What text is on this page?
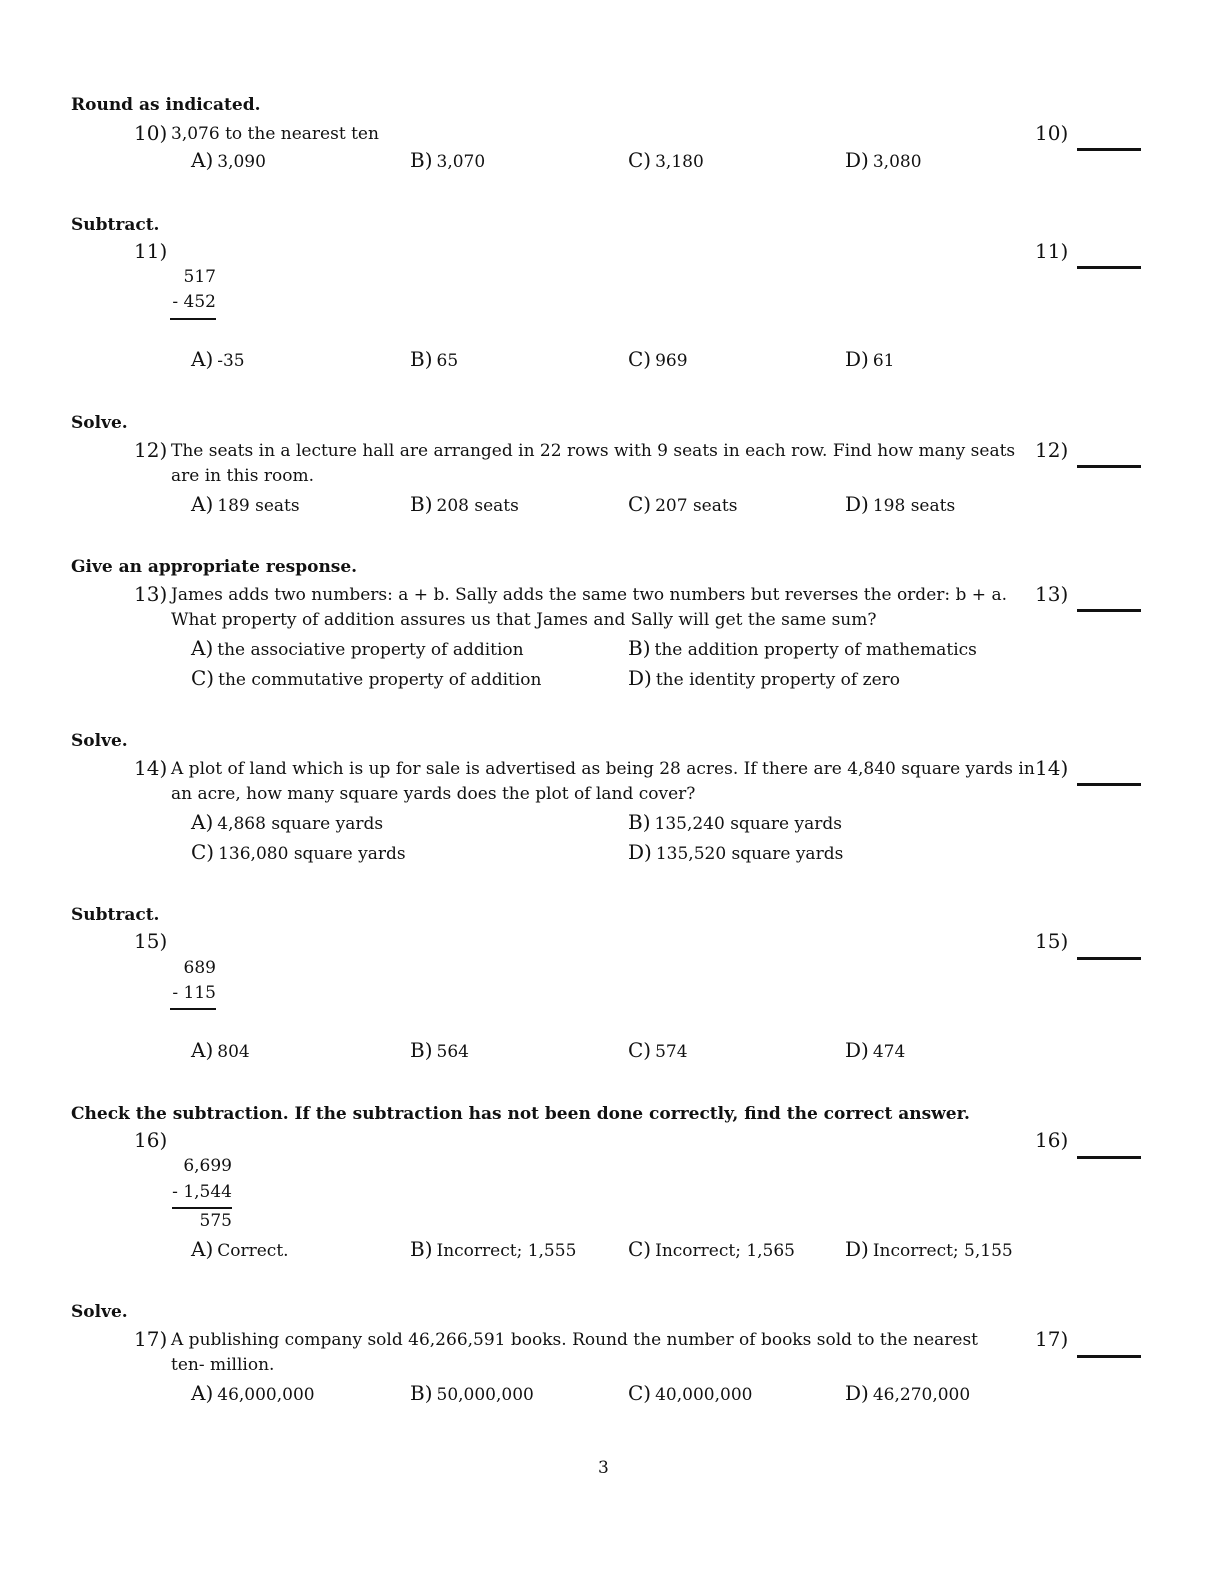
Round as indicated.
10) 3,076 to the nearest ten
A) 3,090	B) 3,070	C) 3,180	D) 3,080
10)
Subtract.
11)
517
- 452
A) -35	B) 65	C) 969	D) 61
11)
Solve.
12) The seats in a lecture hall are arranged in 22 rows with 9 seats in each row. Find how many seats
are in this room.
A) 189 seats	B) 208 seats	C) 207 seats	D) 198 seats
12)
Give an appropriate response.
13) James adds two numbers: a + b. Sally adds the same two numbers but reverses the order: b + a.
What property of addition assures us that James and Sally will get the same sum?
A) the associative property of addition	B) the addition property of mathematics
C) the commutative property of addition	D) the identity property of zero
13)
Solve.
14) A plot of land which is up for sale is advertised as being 28 acres. If there are 4,840 square yards in
an acre, how many square yards does the plot of land cover?
A) 4,868 square yards	B) 135,240 square yards
C) 136,080 square yards	D) 135,520 square yards
14)
Subtract.
15)
689
- 115
A) 804	B) 564	C) 574	D) 474
15)
Check the subtraction. If the subtraction has not been done correctly, find the correct answer.
16)
6,699
- 1,544
575
A) Correct.	B) Incorrect; 1,555	C) Incorrect; 1,565	D) Incorrect; 5,155
16)
Solve.
17) A publishing company sold 46,266,591 books. Round the number of books sold to the nearest
ten- million.
A) 46,000,000	B) 50,000,000	C) 40,000,000	D) 46,270,000
17)
3
